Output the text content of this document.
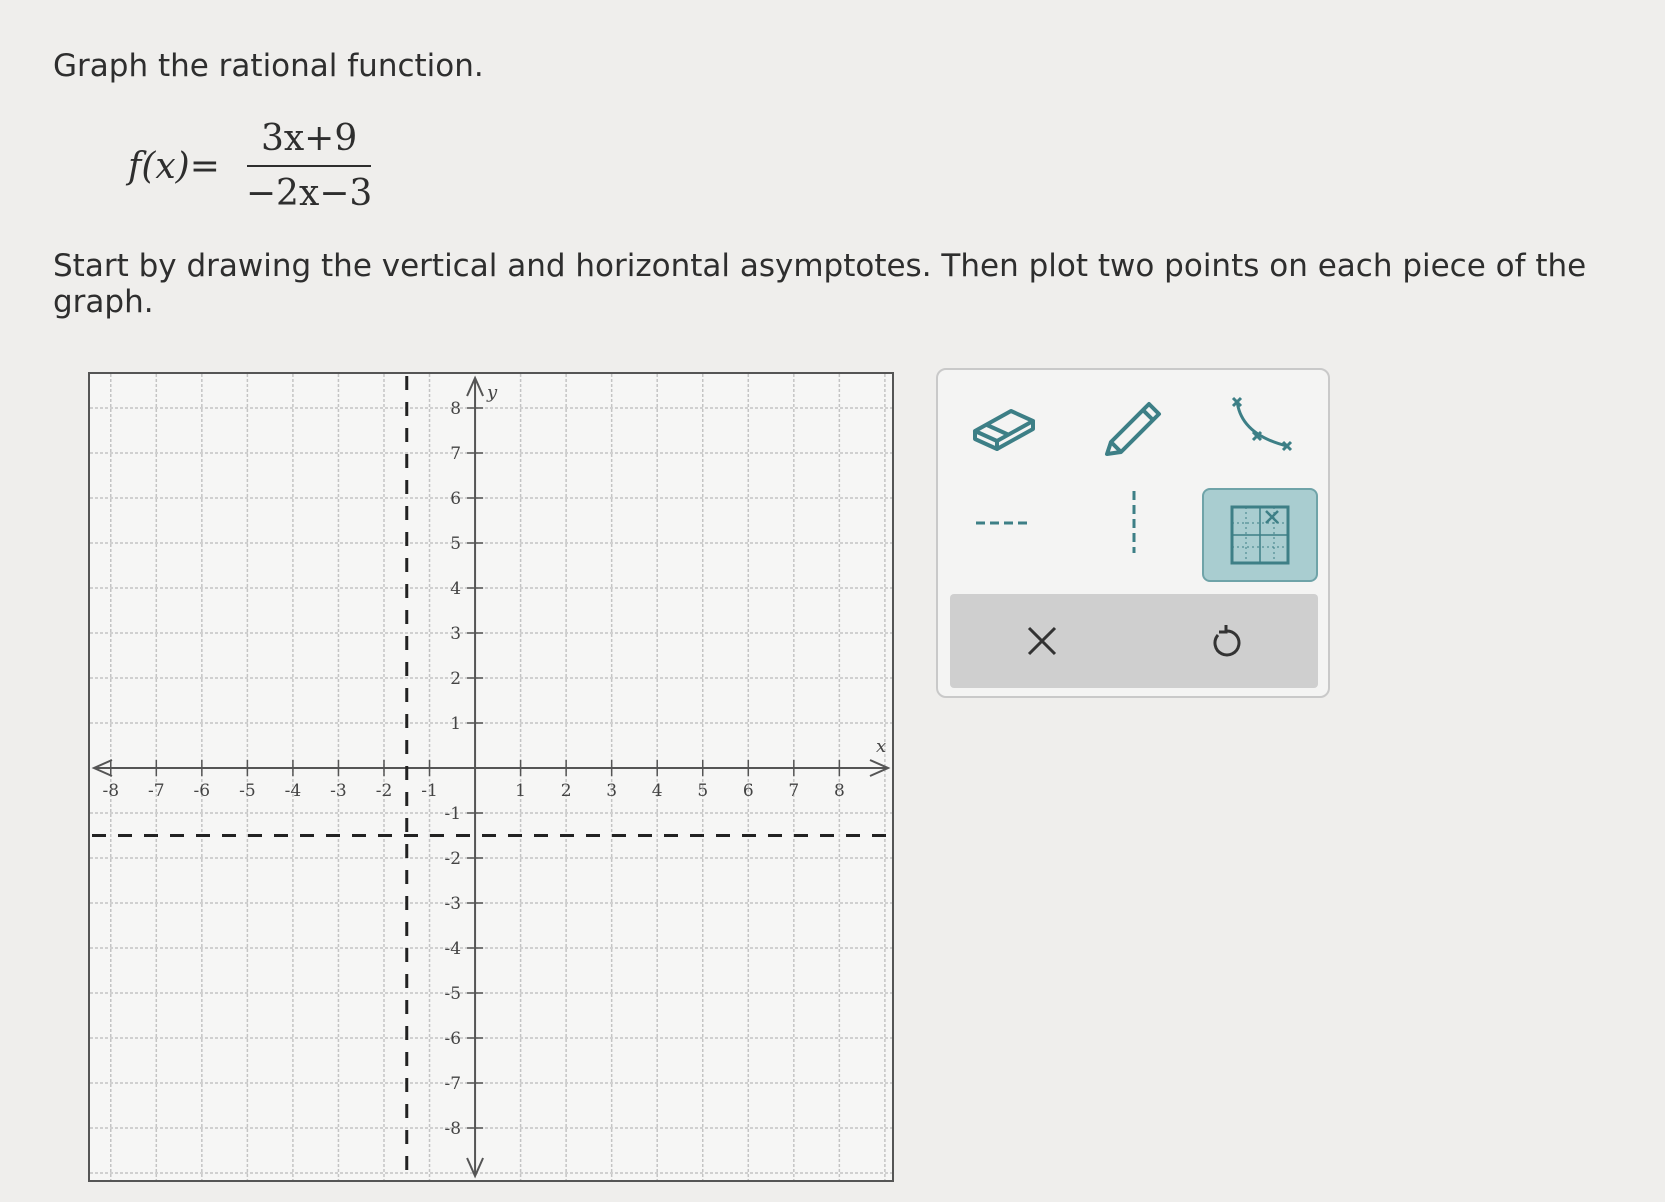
Graph the rational function.
$f(x)= \frac{3x+9}{-2x-3}$

Start by drawing the vertical and horizontal asymptotes. Then plot two points on each piece of the graph.

-8 -7 -6 -5 -4 -3 -2 -1	1 2 3 4 5 6 7 8
8
7
6
5
4
3
2
1
-1
-2
-3
-4
-5
-6
-7
-8
x
y
